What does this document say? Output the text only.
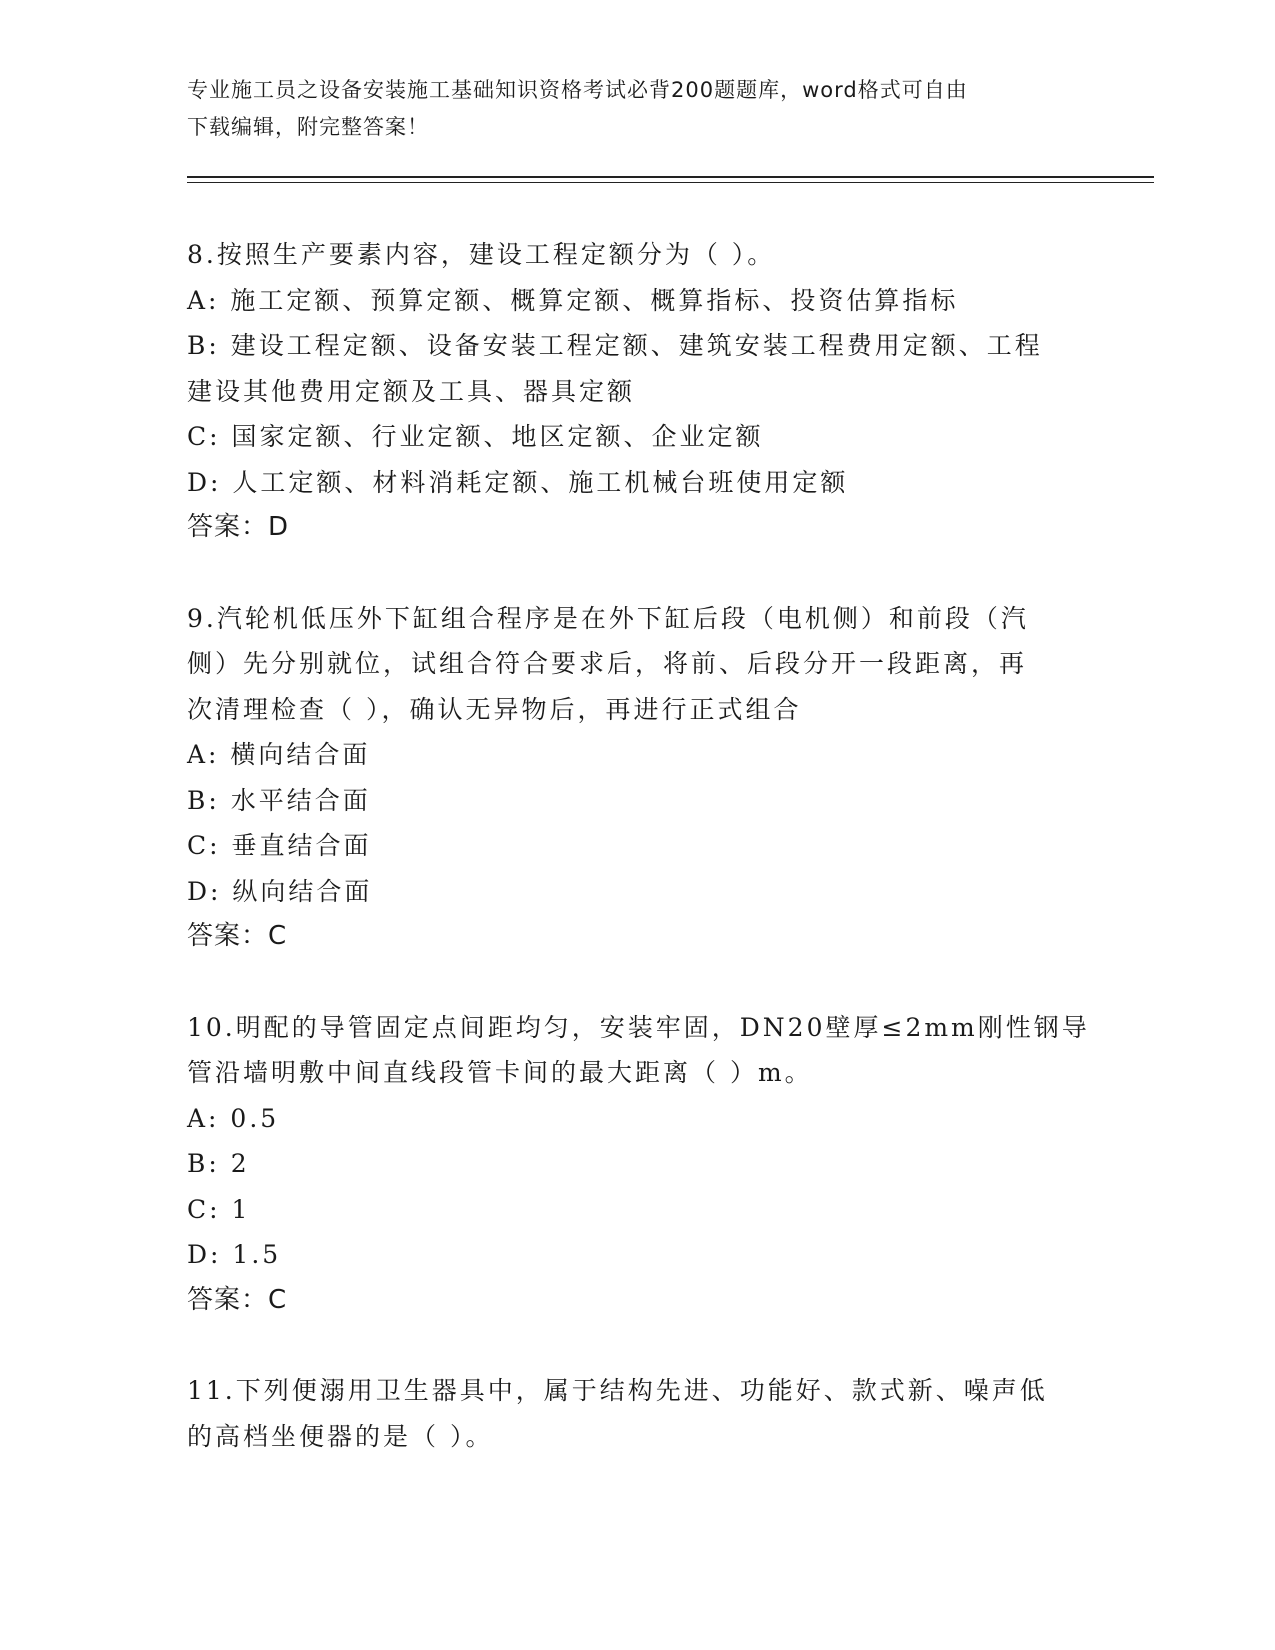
专业施工员之设备安装施工基础知识资格考试必背200题题库，word格式可自由
下载编辑，附完整答案！
8.按照生产要素内容，建设工程定额分为（ ）。
A: 施工定额、预算定额、概算定额、概算指标、投资估算指标
B: 建设工程定额、设备安装工程定额、建筑安装工程费用定额、工程
建设其他费用定额及工具、器具定额
C: 国家定额、行业定额、地区定额、企业定额
D: 人工定额、材料消耗定额、施工机械台班使用定额
答案：D
9.汽轮机低压外下缸组合程序是在外下缸后段（电机侧）和前段（汽
侧）先分别就位，试组合符合要求后，将前、后段分开一段距离，再
次清理检查（ ），确认无异物后，再进行正式组合
A: 横向结合面
B: 水平结合面
C: 垂直结合面
D: 纵向结合面
答案：C
10.明配的导管固定点间距均匀，安装牢固，DN20壁厚≤2mm刚性钢导
管沿墙明敷中间直线段管卡间的最大距离（ ）m。
A: 0.5
B: 2
C: 1
D: 1.5
答案：C
11.下列便溺用卫生器具中，属于结构先进、功能好、款式新、噪声低
的高档坐便器的是（ ）。
